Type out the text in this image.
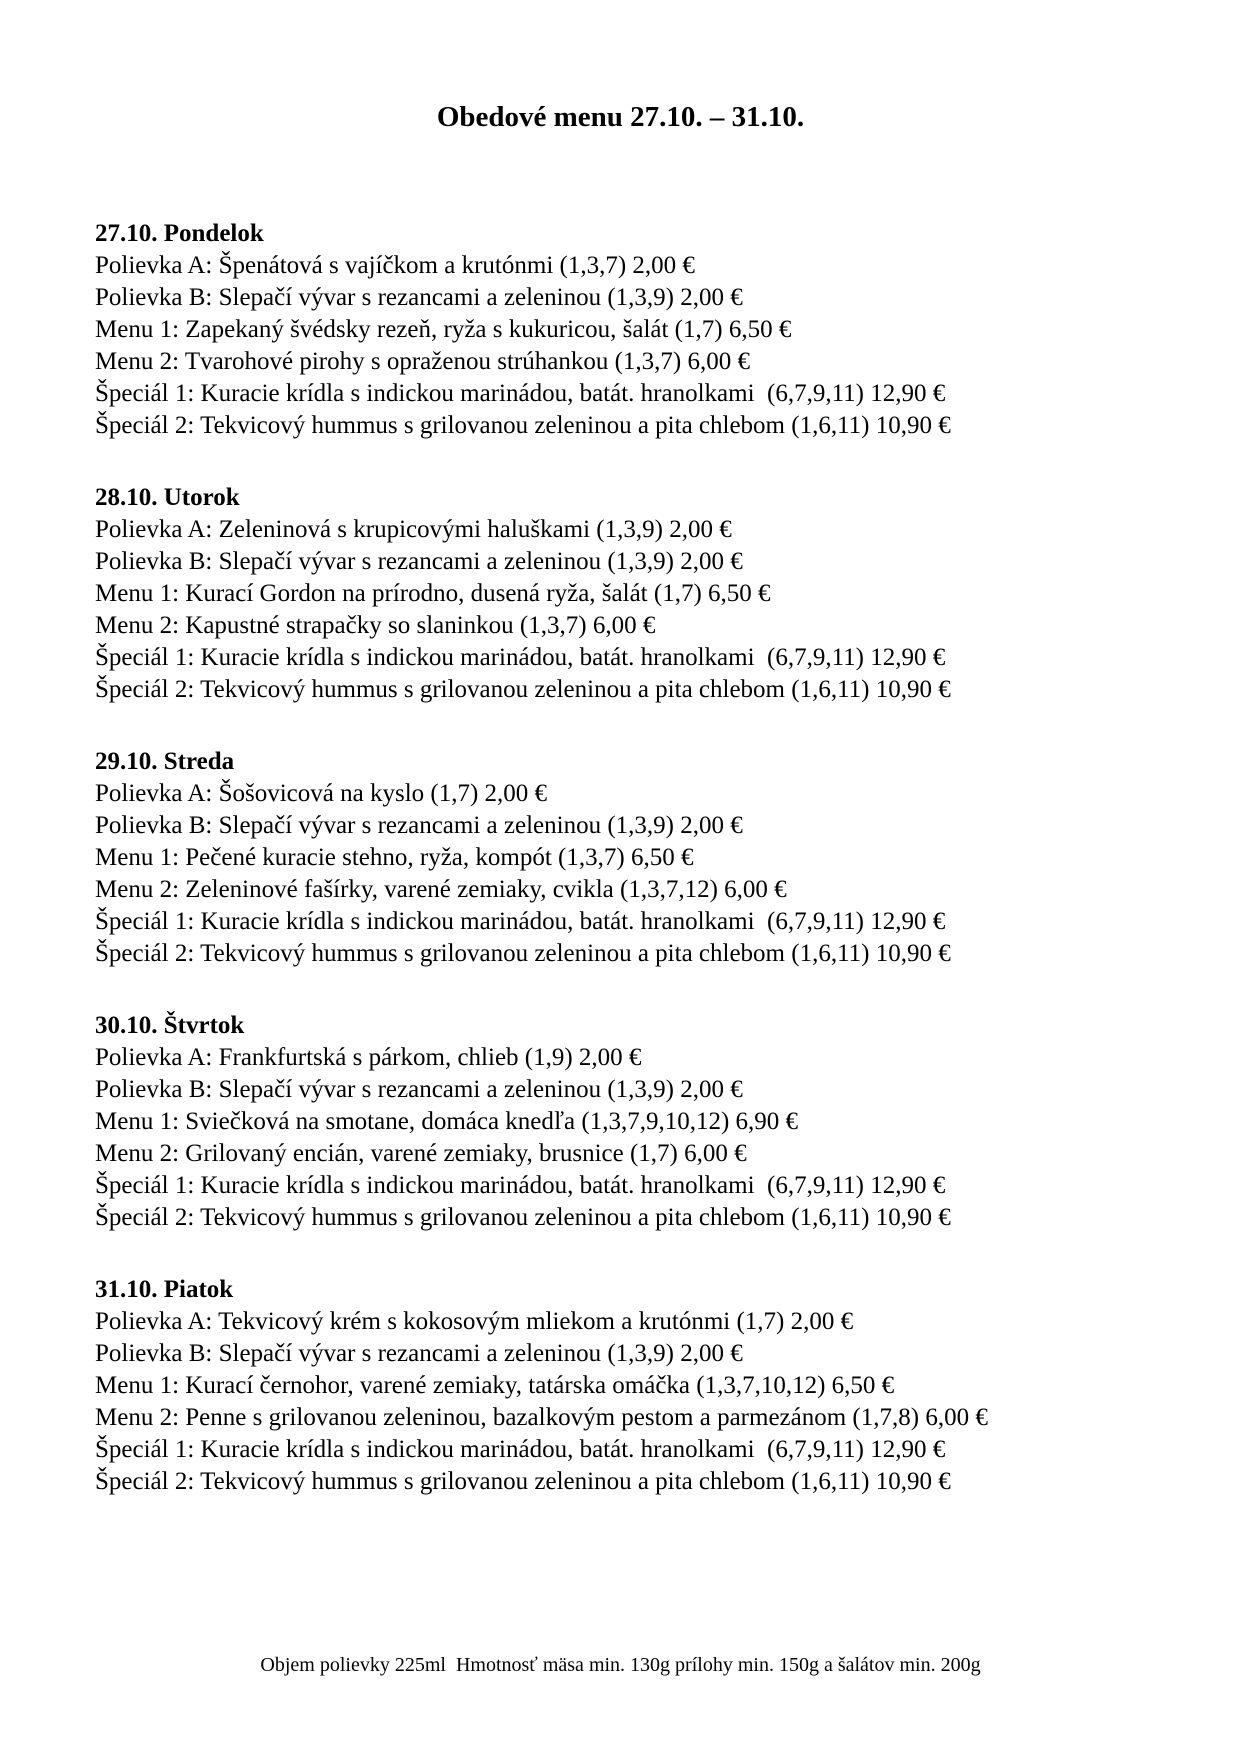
Obedové menu 27.10. – 31.10.

27.10. Pondelok

Polievka A: Špenátová s vajíčkom a krutónmi (1,3,7) 2,00 €

Polievka B: Slepačí vývar s rezancami a zeleninou (1,3,9) 2,00 €

Menu 1: Zapekaný švédsky rezeň, ryža s kukuricou, šalát (1,7) 6,50 €

Menu 2: Tvarohové pirohy s opraženou strúhankou (1,3,7) 6,00 €

Špeciál 1: Kuracie krídla s indickou marinádou, batát. hranolkami  (6,7,9,11) 12,90 €

Špeciál 2: Tekvicový hummus s grilovanou zeleninou a pita chlebom (1,6,11) 10,90 €

28.10. Utorok

Polievka A: Zeleninová s krupicovými haluškami (1,3,9) 2,00 €

Polievka B: Slepačí vývar s rezancami a zeleninou (1,3,9) 2,00 €

Menu 1: Kurací Gordon na prírodno, dusená ryža, šalát (1,7) 6,50 €

Menu 2: Kapustné strapačky so slaninkou (1,3,7) 6,00 €

Špeciál 1: Kuracie krídla s indickou marinádou, batát. hranolkami  (6,7,9,11) 12,90 €

Špeciál 2: Tekvicový hummus s grilovanou zeleninou a pita chlebom (1,6,11) 10,90 €

29.10. Streda

Polievka A: Šošovicová na kyslo (1,7) 2,00 €

Polievka B: Slepačí vývar s rezancami a zeleninou (1,3,9) 2,00 €

Menu 1: Pečené kuracie stehno, ryža, kompót (1,3,7) 6,50 €

Menu 2: Zeleninové fašírky, varené zemiaky, cvikla (1,3,7,12) 6,00 €

Špeciál 1: Kuracie krídla s indickou marinádou, batát. hranolkami  (6,7,9,11) 12,90 €

Špeciál 2: Tekvicový hummus s grilovanou zeleninou a pita chlebom (1,6,11) 10,90 €

30.10. Štvrtok

Polievka A: Frankfurtská s párkom, chlieb (1,9) 2,00 €

Polievka B: Slepačí vývar s rezancami a zeleninou (1,3,9) 2,00 €

Menu 1: Sviečková na smotane, domáca knedľa (1,3,7,9,10,12) 6,90 €

Menu 2: Grilovaný encián, varené zemiaky, brusnice (1,7) 6,00 €

Špeciál 1: Kuracie krídla s indickou marinádou, batát. hranolkami  (6,7,9,11) 12,90 €

Špeciál 2: Tekvicový hummus s grilovanou zeleninou a pita chlebom (1,6,11) 10,90 €

31.10. Piatok

Polievka A: Tekvicový krém s kokosovým mliekom a krutónmi (1,7) 2,00 €

Polievka B: Slepačí vývar s rezancami a zeleninou (1,3,9) 2,00 €

Menu 1: Kurací černohor, varené zemiaky, tatárska omáčka (1,3,7,10,12) 6,50 €

Menu 2: Penne s grilovanou zeleninou, bazalkovým pestom a parmezánom (1,7,8) 6,00 €

Špeciál 1: Kuracie krídla s indickou marinádou, batát. hranolkami  (6,7,9,11) 12,90 €

Špeciál 2: Tekvicový hummus s grilovanou zeleninou a pita chlebom (1,6,11) 10,90 €

Objem polievky 225ml  Hmotnosť mäsa min. 130g prílohy min. 150g a šalátov min. 200g
